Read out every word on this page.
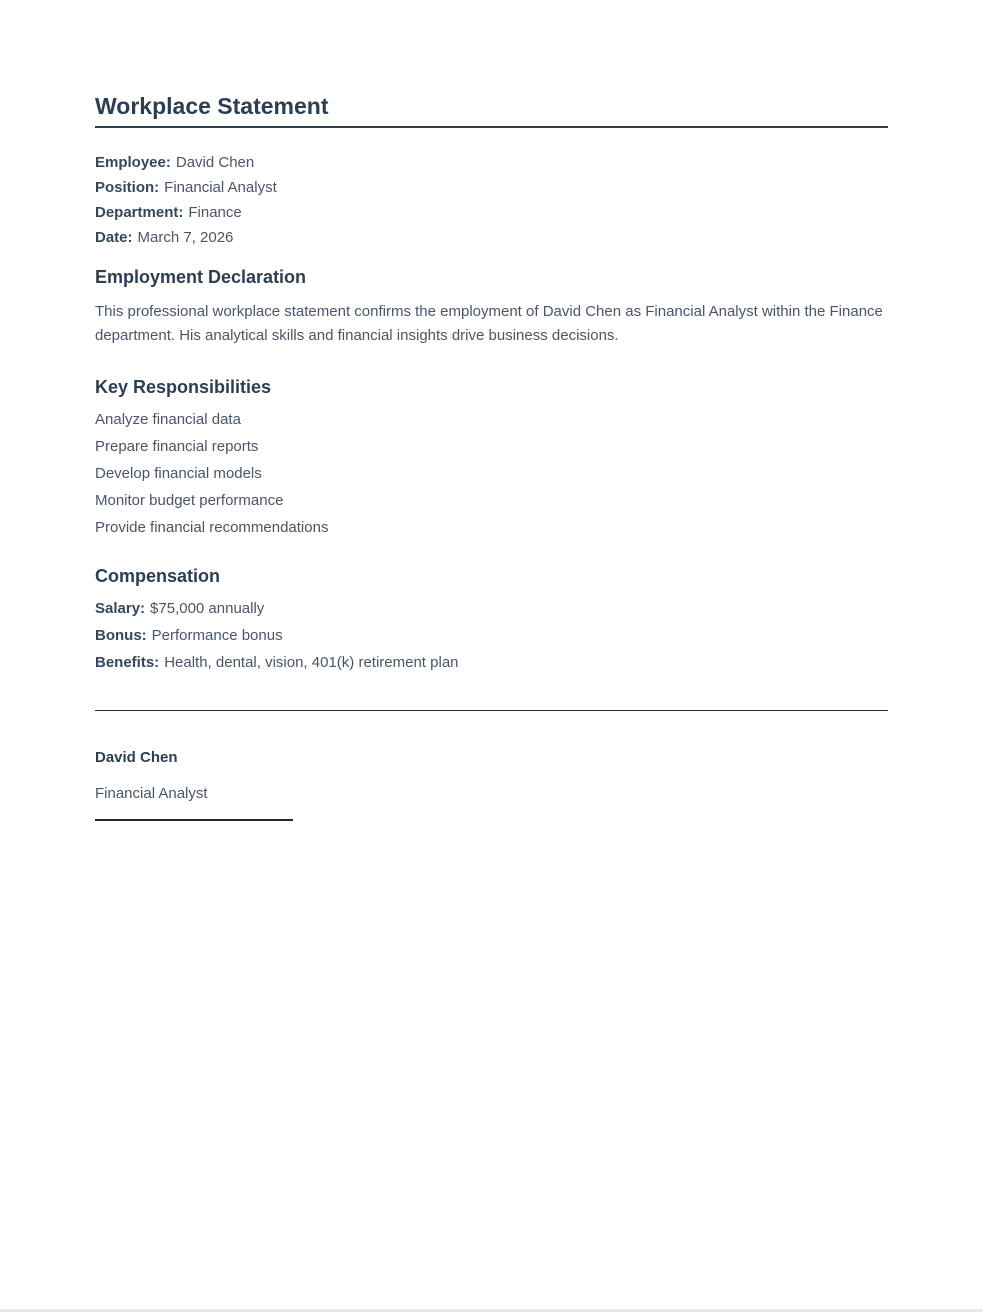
Workplace Statement
Employee: David Chen
Position: Financial Analyst
Department: Finance
Date: March 7, 2026
Employment Declaration

This professional workplace statement confirms the employment of David Chen as Financial Analyst within the Finance department. His analytical skills and financial insights drive business decisions.

Key Responsibilities
Analyze financial data
Prepare financial reports
Develop financial models
Monitor budget performance
Provide financial recommendations
Compensation
Salary: $75,000 annually
Bonus: Performance bonus
Benefits: Health, dental, vision, 401(k) retirement plan
David Chen
Financial Analyst
